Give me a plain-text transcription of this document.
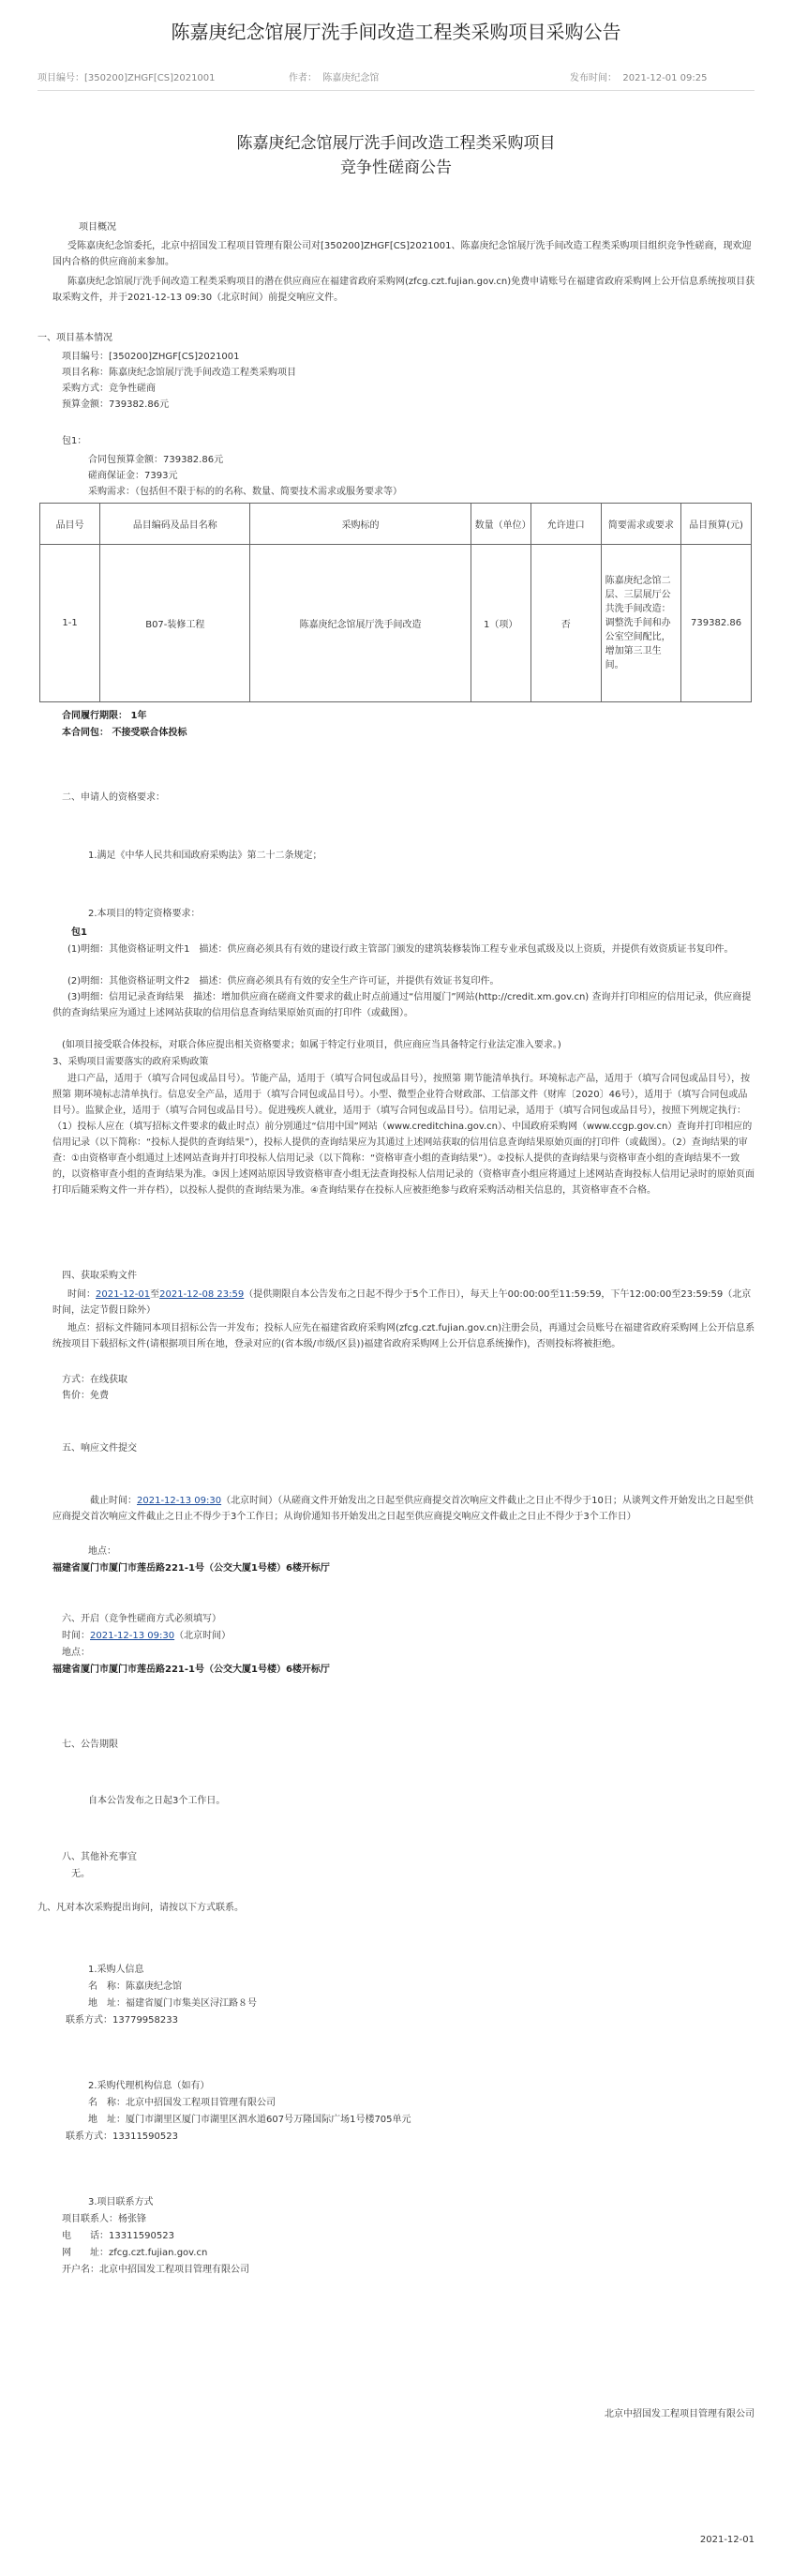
陈嘉庚纪念馆展厅洗手间改造工程类采购项目采购公告
项目编号：[350200]ZHGF[CS]2021001	作者： 陈嘉庚纪念馆	发布时间： 2021-12-01 09:25
陈嘉庚纪念馆展厅洗手间改造工程类采购项目
竞争性磋商公告
项目概况
受陈嘉庚纪念馆委托，北京中招国发工程项目管理有限公司对[350200]ZHGF[CS]2021001、陈嘉庚纪念馆展厅洗手间改造工程类采购项目组织竞争性磋商，现欢迎国内合格的供应商前来参加。
陈嘉庚纪念馆展厅洗手间改造工程类采购项目的潜在供应商应在福建省政府采购网(zfcg.czt.fujian.gov.cn)免费申请账号在福建省政府采购网上公开信息系统按项目获取采购文件，并于2021-12-13 09:30（北京时间）前提交响应文件。
一、项目基本情况
项目编号：[350200]ZHGF[CS]2021001
项目名称：陈嘉庚纪念馆展厅洗手间改造工程类采购项目
采购方式：竞争性磋商
预算金额：739382.86元
包1：
合同包预算金额：739382.86元
磋商保证金：7393元
采购需求：（包括但不限于标的的名称、数量、简要技术需求或服务要求等）
品目号	品目编码及品目名称	采购标的	数量（单位）	允许进口	简要需求或要求	品目预算(元)
1-1	B07-装修工程	陈嘉庚纪念馆展厅洗手间改造	1（项）	否	陈嘉庚纪念馆二层、三层展厅公共洗手间改造：调整洗手间和办公室空间配比，增加第三卫生间。	739382.86
合同履行期限： 1年
本合同包： 不接受联合体投标
二、申请人的资格要求：
1.满足《中华人民共和国政府采购法》第二十二条规定；
2.本项目的特定资格要求：
包1
(1)明细：其他资格证明文件1　描述：供应商必须具有有效的建设行政主管部门颁发的建筑装修装饰工程专业承包贰级及以上资质，并提供有效资质证书复印件。
(2)明细：其他资格证明文件2　描述：供应商必须具有有效的安全生产许可证，并提供有效证书复印件。
(3)明细：信用记录查询结果　描述：增加供应商在磋商文件要求的截止时点前通过“信用厦门”网站(http://credit.xm.gov.cn) 查询并打印相应的信用记录，供应商提供的查询结果应为通过上述网站获取的信用信息查询结果原始页面的打印件（或截图）。
(如项目接受联合体投标，对联合体应提出相关资格要求；如属于特定行业项目，供应商应当具备特定行业法定准入要求。)
3、采购项目需要落实的政府采购政策
进口产品，适用于（填写合同包或品目号）。节能产品，适用于（填写合同包或品目号），按照第 期节能清单执行。环境标志产品，适用于（填写合同包或品目号），按照第 期环境标志清单执行。信息安全产品，适用于（填写合同包或品目号）。小型、微型企业符合财政部、工信部文件（财库〔2020〕46号），适用于（填写合同包或品目号）。监狱企业，适用于（填写合同包或品目号）。促进残疾人就业，适用于（填写合同包或品目号）。信用记录，适用于（填写合同包或品目号），按照下列规定执行：（1）投标人应在（填写招标文件要求的截止时点）前分别通过“信用中国”网站（www.creditchina.gov.cn）、中国政府采购网（www.ccgp.gov.cn）查询并打印相应的信用记录（以下简称：“投标人提供的查询结果”），投标人提供的查询结果应为其通过上述网站获取的信用信息查询结果原始页面的打印件（或截图）。（2）查询结果的审查：①由资格审查小组通过上述网站查询并打印投标人信用记录（以下简称：“资格审查小组的查询结果”）。②投标人提供的查询结果与资格审查小组的查询结果不一致的，以资格审查小组的查询结果为准。③因上述网站原因导致资格审查小组无法查询投标人信用记录的（资格审查小组应将通过上述网站查询投标人信用记录时的原始页面打印后随采购文件一并存档），以投标人提供的查询结果为准。④查询结果存在投标人应被拒绝参与政府采购活动相关信息的，其资格审查不合格。
四、获取采购文件
时间：2021-12-01至2021-12-08 23:59（提供期限自本公告发布之日起不得少于5个工作日），每天上午00:00:00至11:59:59，下午12:00:00至23:59:59（北京时间，法定节假日除外）
地点：招标文件随同本项目招标公告一并发布；投标人应先在福建省政府采购网(zfcg.czt.fujian.gov.cn)注册会员，再通过会员账号在福建省政府采购网上公开信息系统按项目下载招标文件(请根据项目所在地，登录对应的(省本级/市级/区县))福建省政府采购网上公开信息系统操作)，否则投标将被拒绝。
方式：在线获取
售价：免费
五、响应文件提交
截止时间：2021-12-13 09:30（北京时间）（从磋商文件开始发出之日起至供应商提交首次响应文件截止之日止不得少于10日；从谈判文件开始发出之日起至供应商提交首次响应文件截止之日止不得少于3个工作日；从询价通知书开始发出之日起至供应商提交响应文件截止之日止不得少于3个工作日）
地点：
福建省厦门市厦门市莲岳路221-1号（公交大厦1号楼）6楼开标厅
六、开启（竞争性磋商方式必须填写）
时间：2021-12-13 09:30（北京时间）
地点：
福建省厦门市厦门市莲岳路221-1号（公交大厦1号楼）6楼开标厅
七、公告期限
自本公告发布之日起3个工作日。
八、其他补充事宜
无。
九、凡对本次采购提出询问，请按以下方式联系。
1.采购人信息
名　称：陈嘉庚纪念馆
地　址：福建省厦门市集美区浔江路８号
联系方式：13779958233
2.采购代理机构信息（如有）
名　称：北京中招国发工程项目管理有限公司
地　址：厦门市湖里区厦门市湖里区泗水道607号万隆国际广场1号楼705单元
联系方式：13311590523
3.项目联系方式
项目联系人：杨张锋
电　　话：13311590523
网　　址：zfcg.czt.fujian.gov.cn
开户名：北京中招国发工程项目管理有限公司
北京中招国发工程项目管理有限公司
2021-12-01
